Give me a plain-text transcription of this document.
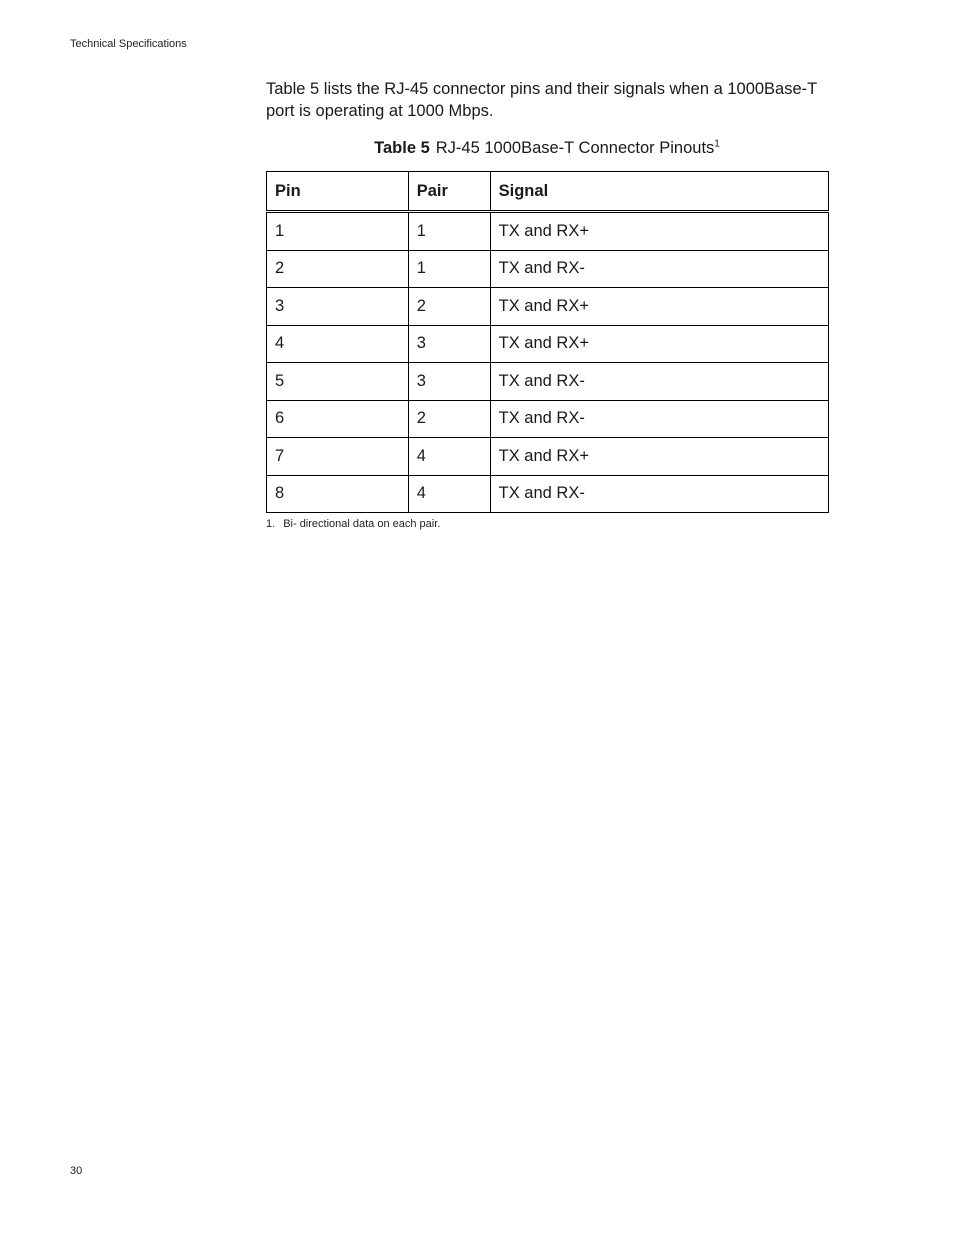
Technical Specifications

Table 5 lists the RJ-45 connector pins and their signals when a 1000Base-T port is operating at 1000 Mbps.

Table 5 RJ-45 1000Base-T Connector Pinouts$^1$
Pin	Pair	Signal
1	1	TX and RX+
2	1	TX and RX-
3	2	TX and RX+
4	3	TX and RX+
5	3	TX and RX-
6	2	TX and RX-
7	4	TX and RX+
8	4	TX and RX-
1. Bi- directional data on each pair.
30
